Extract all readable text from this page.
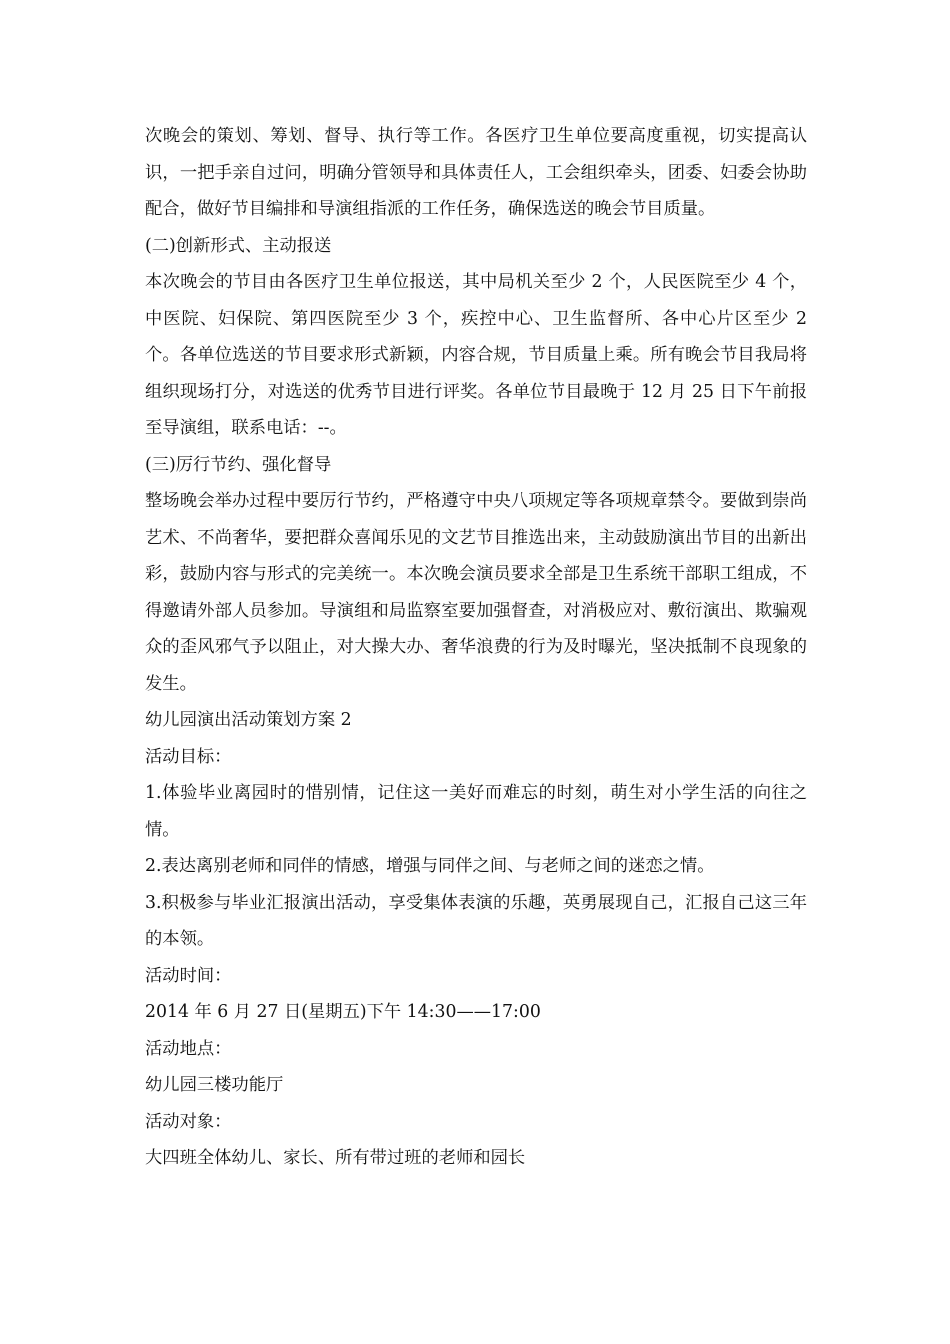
次晚会的策划、筹划、督导、执行等工作。各医疗卫生单位要高度重视，切实提高认识，一把手亲自过问，明确分管领导和具体责任人，工会组织牵头，团委、妇委会协助配合，做好节目编排和导演组指派的工作任务，确保选送的晚会节目质量。

(二)创新形式、主动报送

本次晚会的节目由各医疗卫生单位报送，其中局机关至少 2 个，人民医院至少 4 个，中医院、妇保院、第四医院至少 3 个，疾控中心、卫生监督所、各中心片区至少 2 个。各单位选送的节目要求形式新颖，内容合规，节目质量上乘。所有晚会节目我局将组织现场打分，对选送的优秀节目进行评奖。各单位节目最晚于 12 月 25 日下午前报至导演组，联系电话：--。

(三)厉行节约、强化督导

整场晚会举办过程中要厉行节约，严格遵守中央八项规定等各项规章禁令。要做到崇尚艺术、不尚奢华，要把群众喜闻乐见的文艺节目推选出来，主动鼓励演出节目的出新出彩，鼓励内容与形式的完美统一。本次晚会演员要求全部是卫生系统干部职工组成，不得邀请外部人员参加。导演组和局监察室要加强督查，对消极应对、敷衍演出、欺骗观众的歪风邪气予以阻止，对大操大办、奢华浪费的行为及时曝光，坚决抵制不良现象的发生。

幼儿园演出活动策划方案 2

活动目标：

1.体验毕业离园时的惜别情，记住这一美好而难忘的时刻，萌生对小学生活的向往之情。

2.表达离别老师和同伴的情感，增强与同伴之间、与老师之间的迷恋之情。

3.积极参与毕业汇报演出活动，享受集体表演的乐趣，英勇展现自己，汇报自己这三年的本领。

活动时间：

2014 年 6 月 27 日(星期五)下午 14:30——17:00

活动地点：

幼儿园三楼功能厅

活动对象：

大四班全体幼儿、家长、所有带过班的老师和园长
